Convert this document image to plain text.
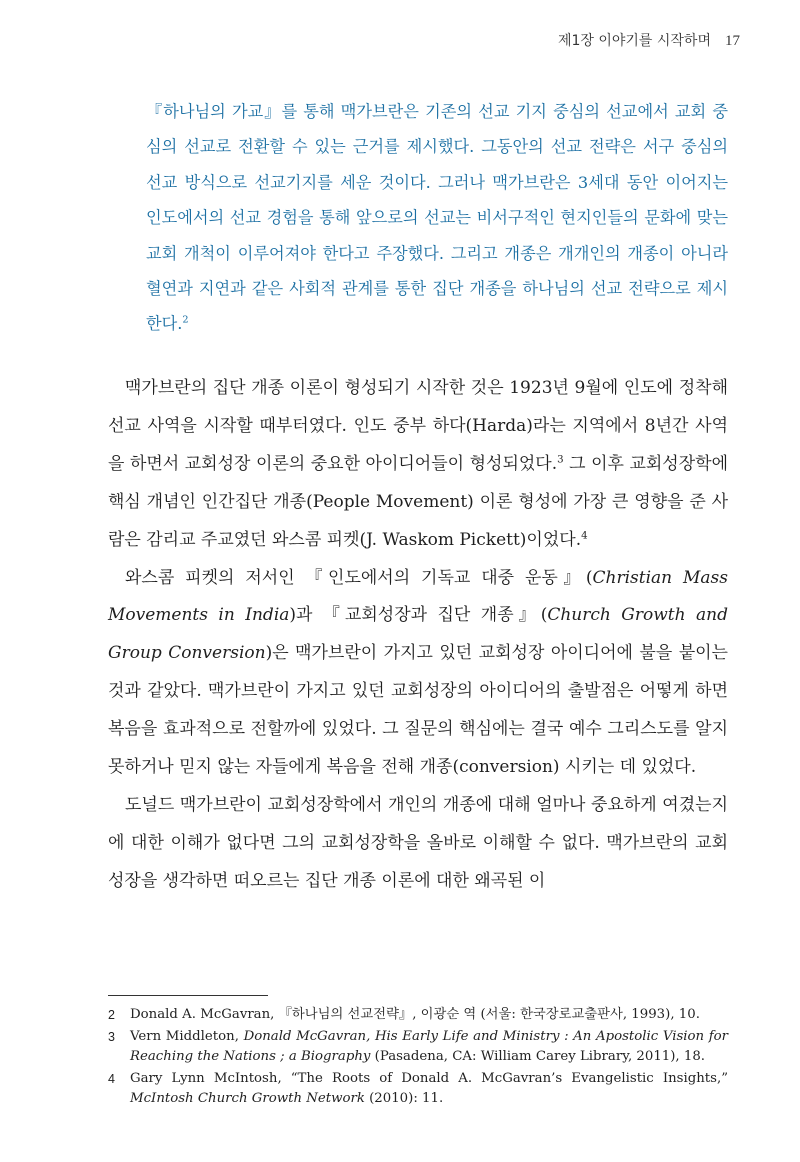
제1장 이야기를 시작하며 17
『하나님의 가교』를 통해 맥가브란은 기존의 선교 기지 중심의 선교에서 교회 중심의 선교로 전환할 수 있는 근거를 제시했다. 그동안의 선교 전략은 서구 중심의 선교 방식으로 선교기지를 세운 것이다. 그러나 맥가브란은 3세대 동안 이어지는 인도에서의 선교 경험을 통해 앞으로의 선교는 비서구적인 현지인들의 문화에 맞는 교회 개척이 이루어져야 한다고 주장했다. 그리고 개종은 개개인의 개종이 아니라 혈연과 지연과 같은 사회적 관계를 통한 집단 개종을 하나님의 선교 전략으로 제시한다.$^2$

맥가브란의 집단 개종 이론이 형성되기 시작한 것은 1923년 9월에 인도에 정착해 선교 사역을 시작할 때부터였다. 인도 중부 하다(Harda)라는 지역에서 8년간 사역을 하면서 교회성장 이론의 중요한 아이디어들이 형성되었다.$^3$ 그 이후 교회성장학에 핵심 개념인 인간집단 개종(People Movement) 이론 형성에 가장 큰 영향을 준 사람은 감리교 주교였던 와스콤 피켓(J. Waskom Pickett)이었다.$^4$

와스콤 피켓의 저서인 『인도에서의 기독교 대중 운동』(Christian Mass Movements in India)과 『교회성장과 집단 개종』(Church Growth and Group Conversion)은 맥가브란이 가지고 있던 교회성장 아이디어에 불을 붙이는 것과 같았다. 맥가브란이 가지고 있던 교회성장의 아이디어의 출발점은 어떻게 하면 복음을 효과적으로 전할까에 있었다. 그 질문의 핵심에는 결국 예수 그리스도를 알지 못하거나 믿지 않는 자들에게 복음을 전해 개종(conversion) 시키는 데 있었다.

도널드 맥가브란이 교회성장학에서 개인의 개종에 대해 얼마나 중요하게 여겼는지에 대한 이해가 없다면 그의 교회성장학을 올바로 이해할 수 없다. 맥가브란의 교회성장을 생각하면 떠오르는 집단 개종 이론에 대한 왜곡된 이

2	Donald A. McGavran, 『하나님의 선교전략』, 이광순 역 (서울: 한국장로교출판사, 1993), 10.
3	Vern Middleton, Donald McGavran, His Early Life and Ministry : An Apostolic Vision for Reaching the Nations ; a Biography (Pasadena, CA: William Carey Library, 2011), 18.
4	Gary Lynn McIntosh, “The Roots of Donald A. McGavran’s Evangelistic Insights,” McIntosh Church Growth Network (2010): 11.
